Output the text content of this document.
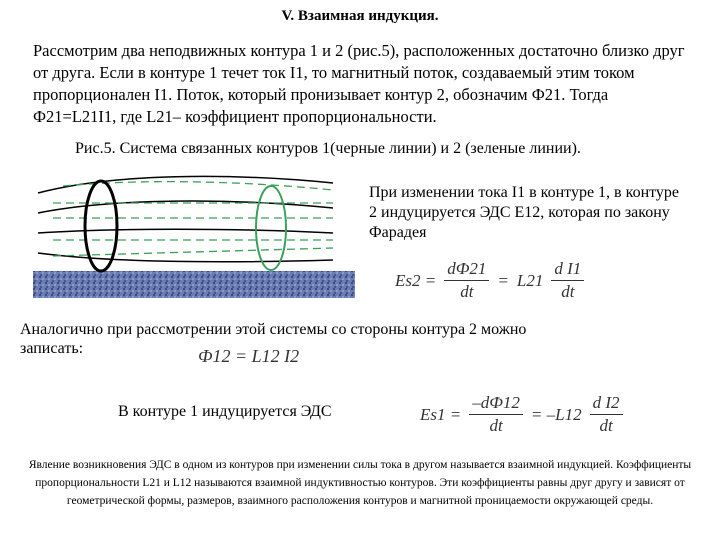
V. Взаимная индукция.
Рассмотрим два неподвижных контура 1 и 2 (рис.5), расположенных достаточно близко друг от друга. Если в контуре 1 течет ток I1, то магнитный поток, создаваемый этим током пропорционален I1. Поток, который пронизывает контур 2, обозначим Ф21. Тогда Ф21=L21I1, где L21– коэффициент пропорциональности.
Рис.5. Система связанных контуров 1(черные линии) и 2 (зеленые линии).
При изменении тока I1 в контуре 1, в контуре 2 индуцируется ЭДС E12, которая по закону Фарадея
$Es2 = \frac{dФ21}{dt} = L21 \frac{\text{d I1}}{dt}$
Аналогично при рассмотрении этой системы со стороны контура 2 можно записать:	Ф12 = L12 I2
В контуре 1 индуцируется ЭДС	$Es1 = \frac{-dФ12}{dt} = -L12 \frac{\text{d I2}}{dt}$
Явление возникновения ЭДС в одном из контуров при изменении силы тока в другом называется взаимной индукцией. Коэффициенты пропорциональности L21 и L12 называются взаимной индуктивностью контуров. Эти коэффициенты равны друг другу и зависят от геометрической формы, размеров, взаимного расположения контуров и магнитной проницаемости окружающей среды.
